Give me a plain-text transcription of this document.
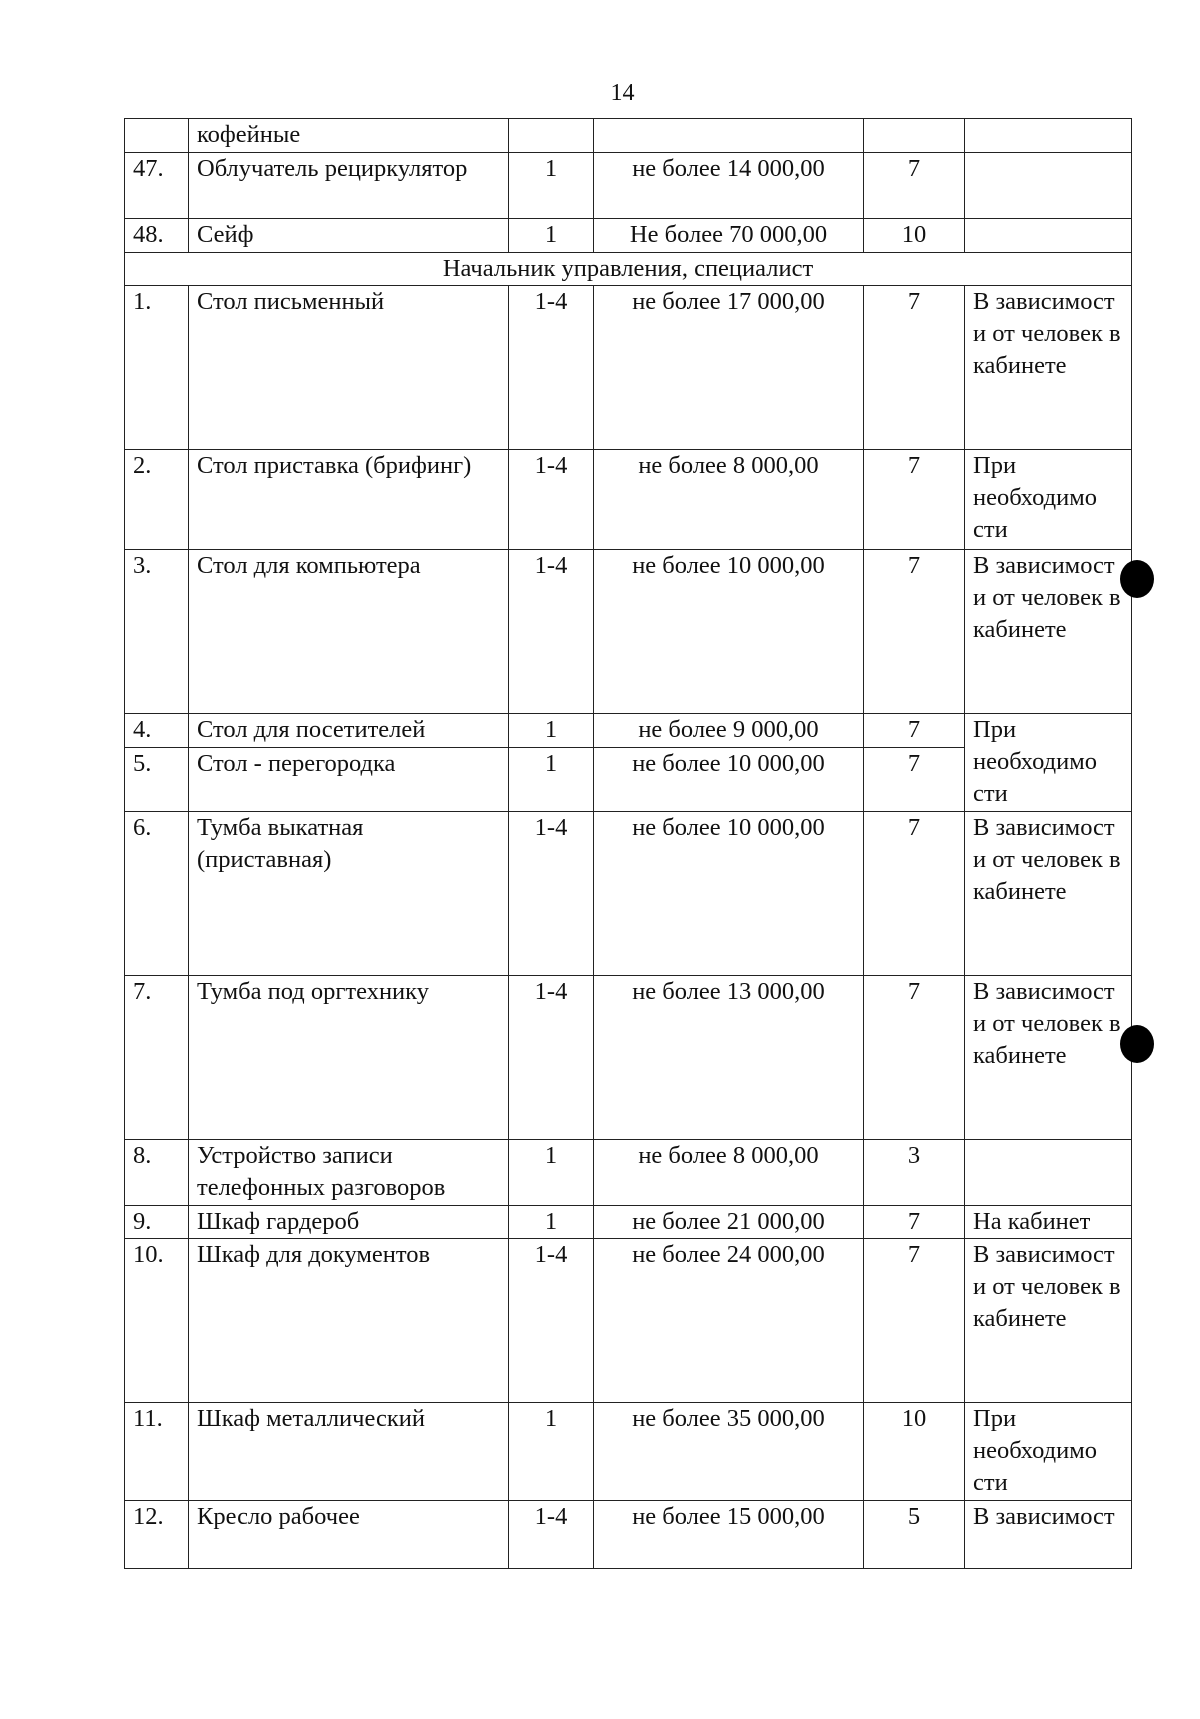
14
	кофейные				
47.	Облучатель рециркулятор	1	не более 14 000,00	7	
48.	Сейф	1	Не более 70 000,00	10	
Начальник управления, специалист					
1.	Стол письменный	1-4	не более 17 000,00	7	В зависимост и от человек в кабинете
2.	Стол приставка (брифинг)	1-4	не более 8 000,00	7	При необходимо сти
3.	Стол для компьютера	1-4	не более 10 000,00	7	В зависимост и от человек в кабинете
4.	Стол для посетителей	1	не более 9 000,00	7	При необходимо сти
5.	Стол - перегородка	1	не более 10 000,00	7	
6.	Тумба выкатная (приставная)	1-4	не более 10 000,00	7	В зависимост и от человек в кабинете
7.	Тумба под оргтехнику	1-4	не более 13 000,00	7	В зависимост и от человек в кабинете
8.	Устройство записи телефонных разговоров	1	не более 8 000,00	3	
9.	Шкаф гардероб	1	не более 21 000,00	7	На кабинет
10.	Шкаф для документов	1-4	не более 24 000,00	7	В зависимост и от человек в кабинете
11.	Шкаф металлический	1	не более 35 000,00	10	При необходимо сти
12.	Кресло рабочее	1-4	не более 15 000,00	5	В зависимост
